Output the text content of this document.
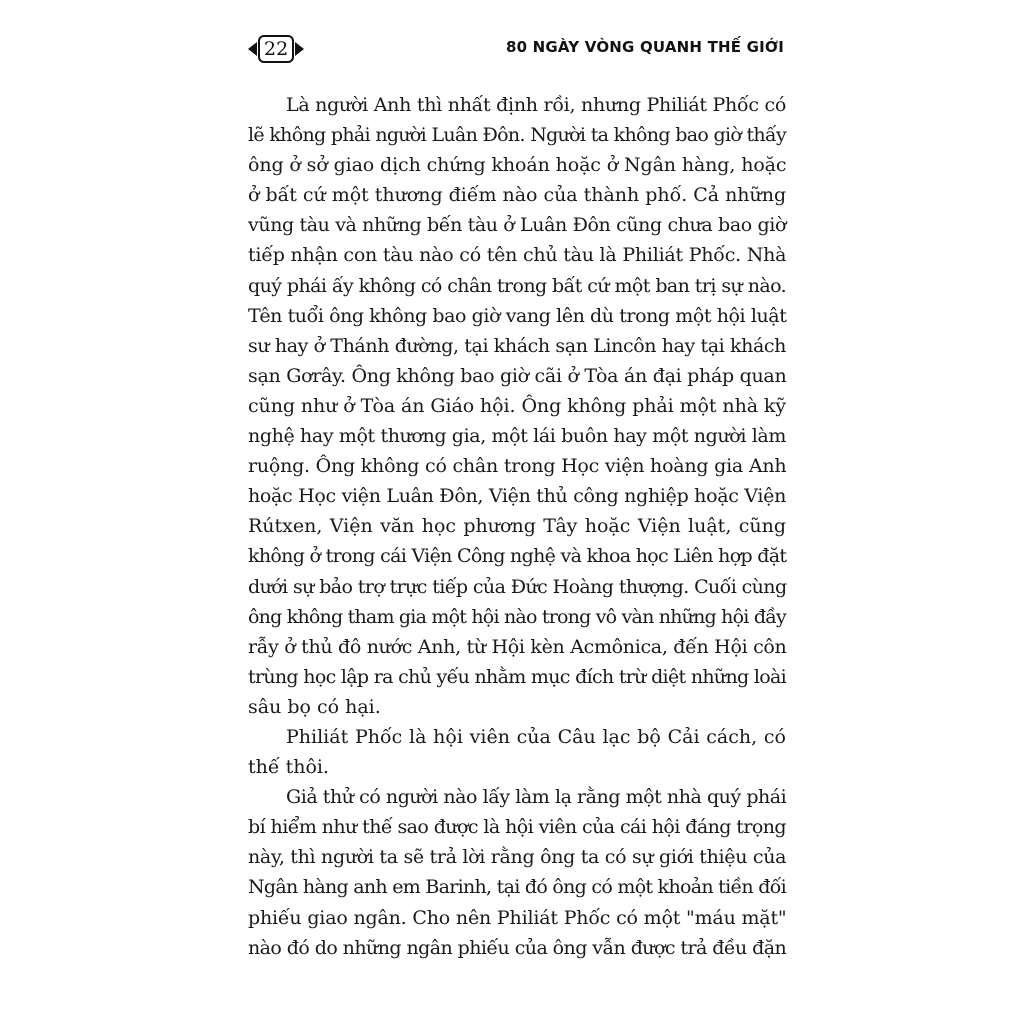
22	80 NGÀY VÒNG QUANH THẾ GIỚI

Là người Anh thì nhất định rồi, nhưng Philiát Phốc có
lẽ không phải người Luân Đôn. Người ta không bao giờ thấy
ông ở sở giao dịch chứng khoán hoặc ở Ngân hàng, hoặc
ở bất cứ một thương điếm nào của thành phố. Cả những
vũng tàu và những bến tàu ở Luân Đôn cũng chưa bao giờ
tiếp nhận con tàu nào có tên chủ tàu là Philiát Phốc. Nhà
quý phái ấy không có chân trong bất cứ một ban trị sự nào.
Tên tuổi ông không bao giờ vang lên dù trong một hội luật
sư hay ở Thánh đường, tại khách sạn Lincôn hay tại khách
sạn Gơrây. Ông không bao giờ cãi ở Tòa án đại pháp quan
cũng như ở Tòa án Giáo hội. Ông không phải một nhà kỹ
nghệ hay một thương gia, một lái buôn hay một người làm
ruộng. Ông không có chân trong Học viện hoàng gia Anh
hoặc Học viện Luân Đôn, Viện thủ công nghiệp hoặc Viện
Rútxen, Viện văn học phương Tây hoặc Viện luật, cũng
không ở trong cái Viện Công nghệ và khoa học Liên hợp đặt
dưới sự bảo trợ trực tiếp của Đức Hoàng thượng. Cuối cùng
ông không tham gia một hội nào trong vô vàn những hội đầy
rẫy ở thủ đô nước Anh, từ Hội kèn Acmônica, đến Hội côn
trùng học lập ra chủ yếu nhằm mục đích trừ diệt những loài
sâu bọ có hại.

Philiát Phốc là hội viên của Câu lạc bộ Cải cách, có
thế thôi.

Giả thử có người nào lấy làm lạ rằng một nhà quý phái
bí hiểm như thế sao được là hội viên của cái hội đáng trọng
này, thì người ta sẽ trả lời rằng ông ta có sự giới thiệu của
Ngân hàng anh em Barinh, tại đó ông có một khoản tiền đối
phiếu giao ngân. Cho nên Philiát Phốc có một "máu mặt"
nào đó do những ngân phiếu của ông vẫn được trả đều đặn
